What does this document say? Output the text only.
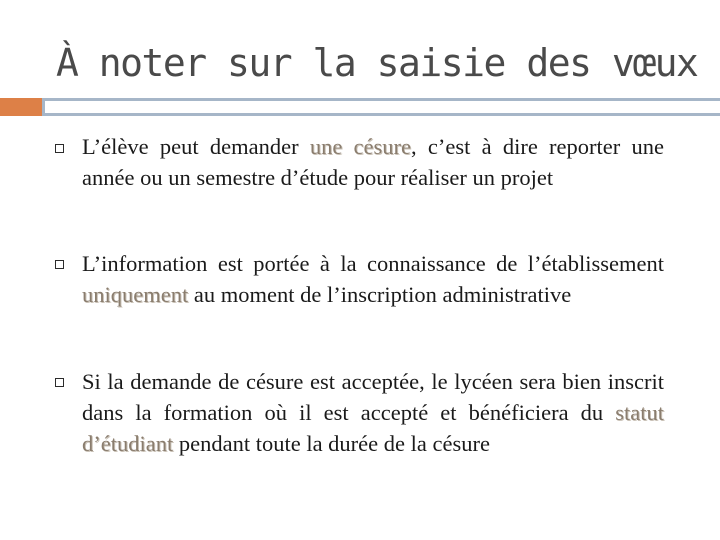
À noter sur la saisie des vœux
L’élève peut demander une césure, c’est à dire reporter une année ou un semestre d’étude pour réaliser un projet
L’information est portée à la connaissance de l’établissement uniquement au moment de l’inscription administrative
Si la demande de césure est acceptée, le lycéen sera bien inscrit dans la formation où il est accepté et bénéficiera du statut d’étudiant pendant toute la durée de la césure
